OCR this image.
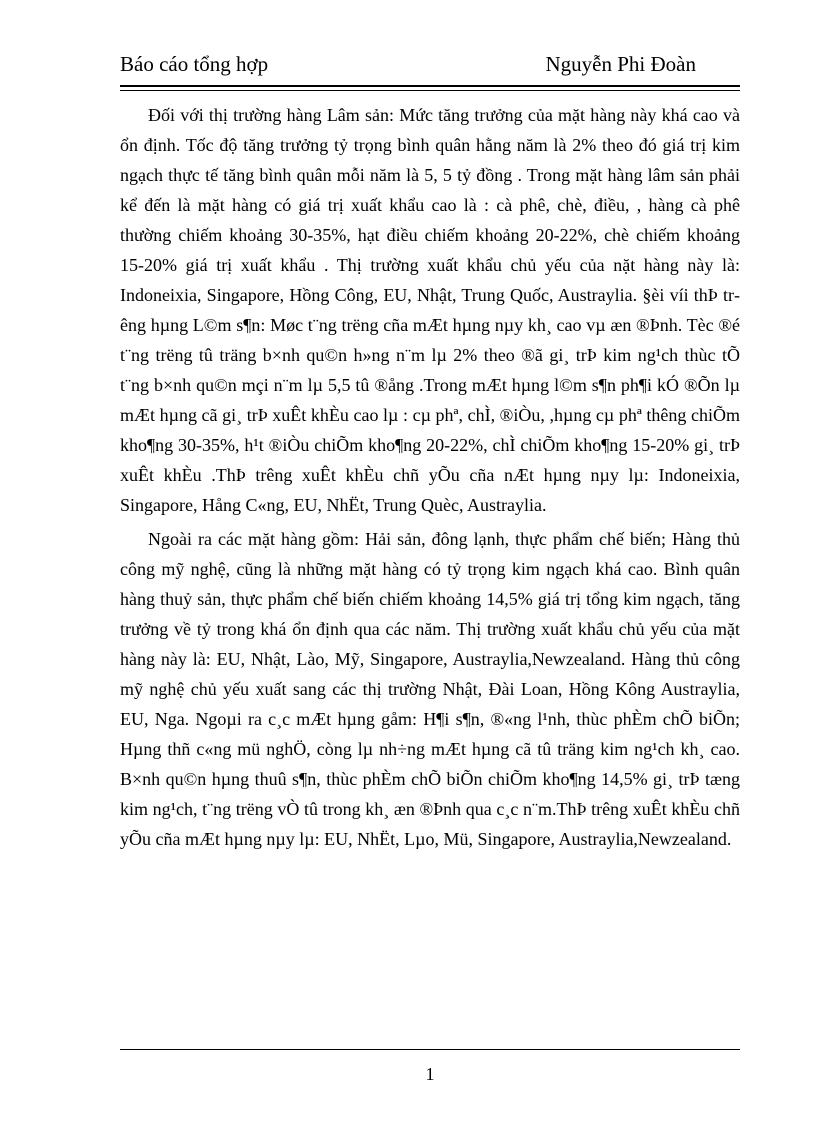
Báo cáo tổng hợp	Nguyễn Phi Đoàn

Đối với thị trường hàng Lâm sản: Mức tăng trưởng của mặt hàng này khá cao và ổn định. Tốc độ tăng trưởng tỷ trọng bình quân hằng năm là 2% theo đó giá trị kim ngạch thực tế tăng bình quân mỗi năm là 5, 5 tỷ đồng . Trong mặt hàng lâm sản phải kể đến là mặt hàng có giá trị xuất khẩu cao là : cà phê, chè, điều, , hàng cà phê thường chiếm khoảng 30-35%, hạt điều chiếm khoảng 20-22%, chè chiếm khoảng 15-20% giá trị xuất khẩu . Thị trường xuất khẩu chủ yếu của nặt hàng này là: Indoneixia, Singapore, Hồng Công, EU, Nhật, Trung Quốc, Austraylia. §èi víi thÞ trêng hµng L©m s¶n: Møc t¨ng trëng cña mÆt hµng nµy kh¸ cao vµ æn ®Þnh. Tèc ®é t¨ng trëng tû träng b×nh qu©n h»ng n¨m lµ 2% theo ®ã gi¸ trÞ kim ng¹ch thùc tÕ t¨ng b×nh qu©n mçi n¨m lµ 5,5 tû ®ång .Trong mÆt hµng l©m s¶n ph¶i kÓ ®Õn lµ mÆt hµng cã gi¸ trÞ xuÊt khÈu cao lµ : cµ phª, chÌ, ®iÒu, ,hµng cµ phª thêng chiÕm kho¶ng 30-35%, h¹t ®iÒu chiÕm kho¶ng 20-22%, chÌ chiÕm kho¶ng 15-20% gi¸ trÞ xuÊt khÈu .ThÞ trêng xuÊt khÈu chñ yÕu cña nÆt hµng nµy lµ: Indoneixia, Singapore, Hång C«ng, EU, NhËt, Trung Quèc, Austraylia.

Ngoài ra các mặt hàng gồm: Hải sản, đông lạnh, thực phẩm chế biến; Hàng thủ công mỹ nghệ, cũng là những mặt hàng có tỷ trọng kim ngạch khá cao. Bình quân hàng thuỷ sản, thực phẩm chế biến chiếm khoảng 14,5% giá trị tổng kim ngạch, tăng trưởng về tỷ trong khá ổn định qua các năm. Thị trường xuất khẩu chủ yếu của mặt hàng này là: EU, Nhật, Lào, Mỹ, Singapore, Austraylia,Newzealand. Hàng thủ công mỹ nghệ chủ yếu xuất sang các thị trường Nhật, Đài Loan, Hồng Kông Austraylia, EU, Nga. Ngoµi ra c¸c mÆt hµng gåm: H¶i s¶n, ®«ng l¹nh, thùc phÈm chÕ biÕn; Hµng thñ c«ng mü nghÖ, còng lµ nh÷ng mÆt hµng cã tû träng kim ng¹ch kh¸ cao. B×nh qu©n hµng thuû s¶n, thùc phÈm chÕ biÕn chiÕm kho¶ng 14,5% gi¸ trÞ tæng kim ng¹ch, t¨ng trëng vÒ tû trong kh¸ æn ®Þnh qua c¸c n¨m.ThÞ trêng xuÊt khÈu chñ yÕu cña mÆt hµng nµy lµ: EU, NhËt, Lµo, Mü, Singapore, Austraylia,Newzealand.

1
